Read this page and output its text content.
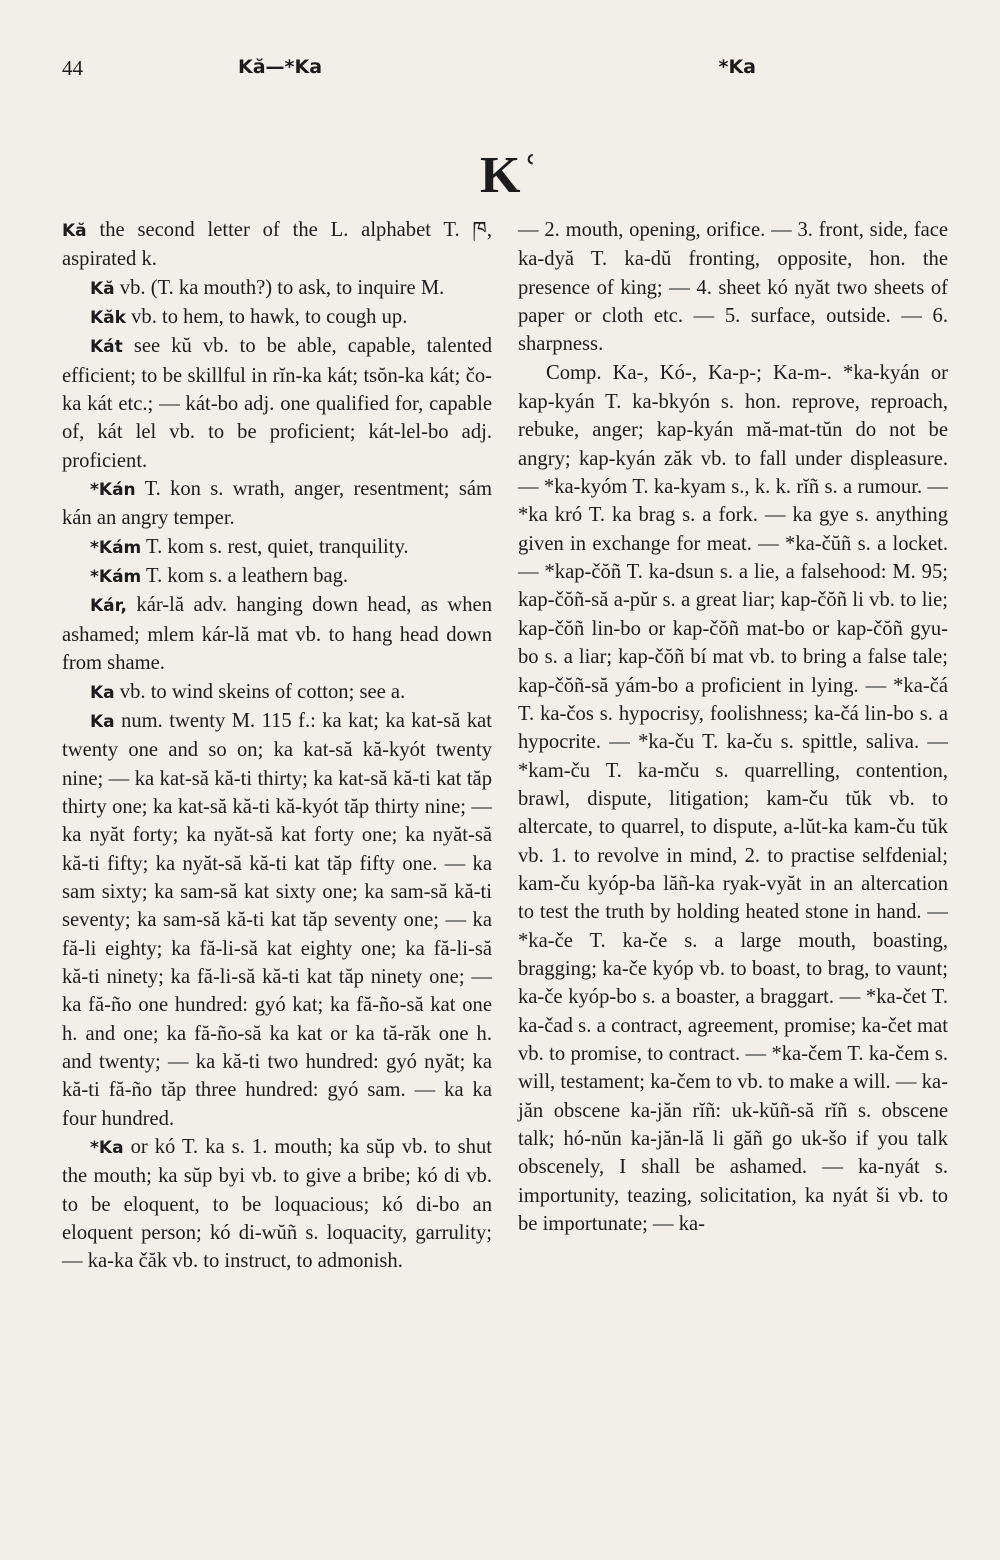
44	Kă—*Ka	*Ka
Kʿ

Kă the second letter of the L. alphabet T. ཁ, aspirated k.

Kă vb. (T. ka mouth?) to ask, to inquire M.

Kăk vb. to hem, to hawk, to cough up.

Kát see kŭ vb. to be able, capable, talented efficient; to be skillful in rĭn-ka kát; tsŏn-ka kát; čo-ka kát etc.; — kát-bo adj. one qualified for, capable of, kát lel vb. to be proficient; kát-lel-bo adj. proficient.

*Kán T. kon s. wrath, anger, resentment; sám kán an angry temper.

*Kám T. kom s. rest, quiet, tranquility.

*Kám T. kom s. a leathern bag.

Kár, kár-lă adv. hanging down head, as when ashamed; mlem kár-lă mat vb. to hang head down from shame.

Ka vb. to wind skeins of cotton; see a.

Ka num. twenty M. 115 f.: ka kat; ka kat-să kat twenty one and so on; ka kat-să kă-kyót twenty nine; — ka kat-să kă-ti thirty; ka kat-să kă-ti kat tăp thirty one; ka kat-să kă-ti kă-kyót tăp thirty nine; — ka nyăt forty; ka nyăt-să kat forty one; ka nyăt-să kă-ti fifty; ka nyăt-să kă-ti kat tăp fifty one. — ka sam sixty; ka sam-să kat sixty one; ka sam-să kă-ti seventy; ka sam-să kă-ti kat tăp seventy one; — ka fă-li eighty; ka fă-li-să kat eighty one; ka fă-li-să kă-ti ninety; ka fă-li-să kă-ti kat tăp ninety one; — ka fă-ño one hundred: gyó kat; ka fă-ño-să kat one h. and one; ka fă-ño-să ka kat or ka tă-răk one h. and twenty; — ka kă-ti two hundred: gyó nyăt; ka kă-ti fă-ño tăp three hundred: gyó sam. — ka ka four hundred.

*Ka or kó T. ka s. 1. mouth; ka sŭp vb. to shut the mouth; ka sŭp byi vb. to give a bribe; kó di vb. to be eloquent, to be loquacious; kó di-bo an eloquent person; kó di-wŭñ s. loquacity, garrulity; — ka-ka čăk vb. to instruct, to admonish.

— 2. mouth, opening, orifice. — 3. front, side, face ka-dyă T. ka-dŭ fronting, opposite, hon. the presence of king; — 4. sheet kó nyăt two sheets of paper or cloth etc. — 5. surface, outside. — 6. sharpness.

Comp. Ka-, Kó-, Ka-p-; Ka-m-. *ka-kyán or kap-kyán T. ka-bkyón s. hon. reprove, reproach, rebuke, anger; kap-kyán mă-mat-tŭn do not be angry; kap-kyán zăk vb. to fall under displeasure. — *ka-kyóm T. ka-kyam s., k. k. rĭñ s. a rumour. — *ka kró T. ka brag s. a fork. — ka gye s. anything given in exchange for meat. — *ka-čŭñ s. a locket. — *kap-čŏñ T. ka-dsun s. a lie, a falsehood: M. 95; kap-čŏñ-să a-pŭr s. a great liar; kap-čŏñ li vb. to lie; kap-čŏñ lin-bo or kap-čŏñ mat-bo or kap-čŏñ gyu-bo s. a liar; kap-čŏñ bí mat vb. to bring a false tale; kap-čŏñ-să yám-bo a proficient in lying. — *ka-čá T. ka-čos s. hypocrisy, foolishness; ka-čá lin-bo s. a hypocrite. — *ka-ču T. ka-ču s. spittle, saliva. — *kam-ču T. ka-mču s. quarrelling, contention, brawl, dispute, litigation; kam-ču tŭk vb. to altercate, to quarrel, to dispute, a-lŭt-ka kam-ču tŭk vb. 1. to revolve in mind, 2. to practise selfdenial; kam-ču kyóp-ba lăñ-ka ryak-vyăt in an altercation to test the truth by holding heated stone in hand. — *ka-če T. ka-če s. a large mouth, boasting, bragging; ka-če kyóp vb. to boast, to brag, to vaunt; ka-če kyóp-bo s. a boaster, a braggart. — *ka-čet T. ka-čad s. a contract, agreement, promise; ka-čet mat vb. to promise, to contract. — *ka-čem T. ka-čem s. will, testament; ka-čem to vb. to make a will. — ka-jăn obscene ka-jăn rĭñ: uk-kŭñ-să rĭñ s. obscene talk; hó-nŭn ka-jăn-lă li găñ go uk-šo if you talk obscenely, I shall be ashamed. — ka-nyát s. importunity, teazing, solicitation, ka nyát ši vb. to be importunate; — ka-
